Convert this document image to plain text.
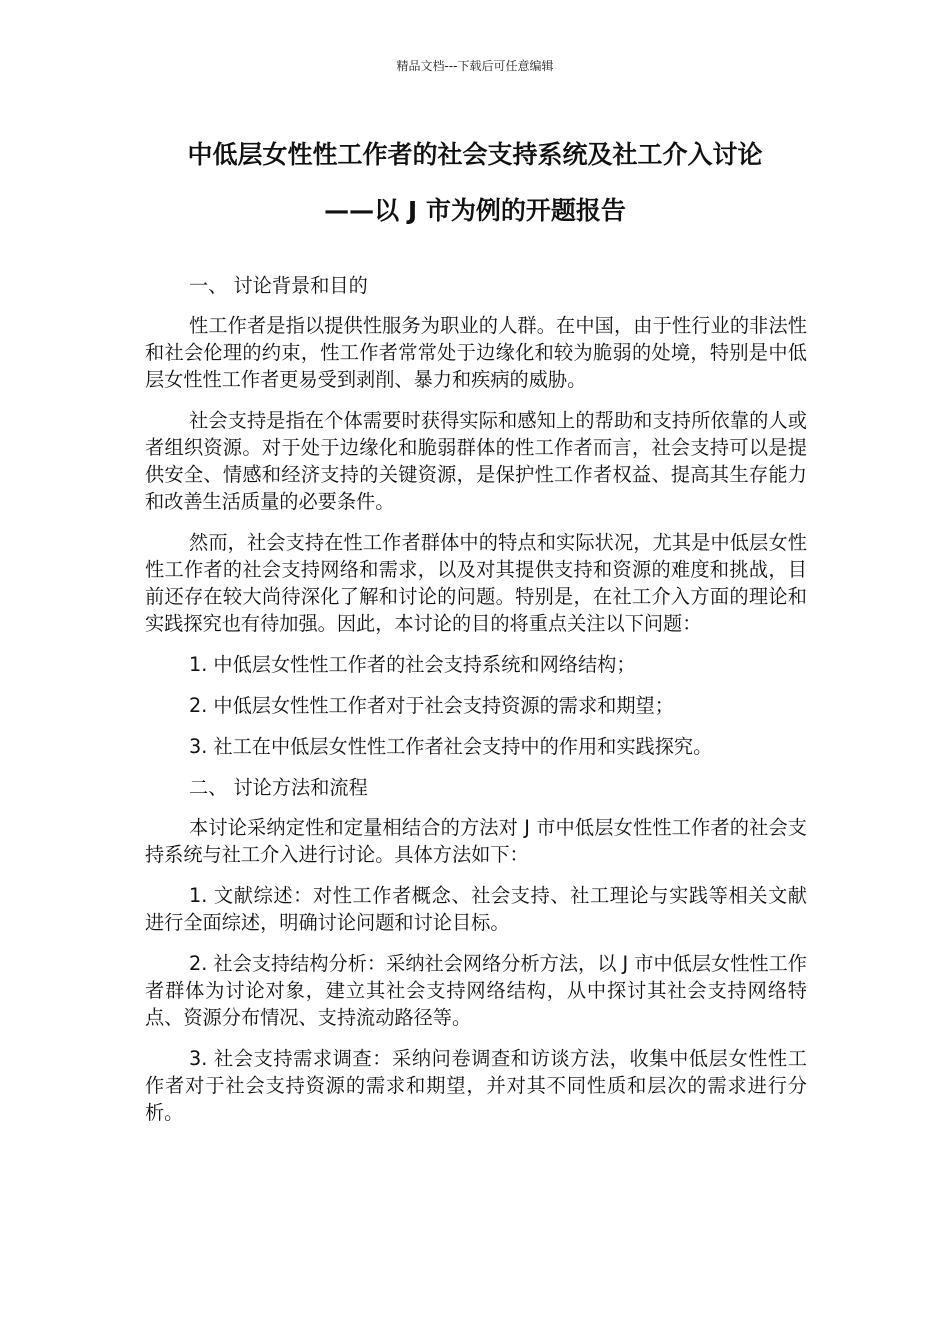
精品文档---下载后可任意编辑
中低层女性性工作者的社会支持系统及社工介入讨论
——以 J 市为例的开题报告

一、 讨论背景和目的

性工作者是指以提供性服务为职业的人群。在中国，由于性行业的非法性和社会伦理的约束，性工作者常常处于边缘化和较为脆弱的处境，特别是中低层女性性工作者更易受到剥削、暴力和疾病的威胁。

社会支持是指在个体需要时获得实际和感知上的帮助和支持所依靠的人或者组织资源。对于处于边缘化和脆弱群体的性工作者而言，社会支持可以是提供安全、情感和经济支持的关键资源，是保护性工作者权益、提高其生存能力和改善生活质量的必要条件。

然而，社会支持在性工作者群体中的特点和实际状况，尤其是中低层女性性工作者的社会支持网络和需求，以及对其提供支持和资源的难度和挑战，目前还存在较大尚待深化了解和讨论的问题。特别是，在社工介入方面的理论和实践探究也有待加强。因此，本讨论的目的将重点关注以下问题：

1. 中低层女性性工作者的社会支持系统和网络结构；

2. 中低层女性性工作者对于社会支持资源的需求和期望；

3. 社工在中低层女性性工作者社会支持中的作用和实践探究。

二、 讨论方法和流程

本讨论采纳定性和定量相结合的方法对 J 市中低层女性性工作者的社会支持系统与社工介入进行讨论。具体方法如下：

1. 文献综述：对性工作者概念、社会支持、社工理论与实践等相关文献进行全面综述，明确讨论问题和讨论目标。

2. 社会支持结构分析：采纳社会网络分析方法，以 J 市中低层女性性工作者群体为讨论对象，建立其社会支持网络结构，从中探讨其社会支持网络特点、资源分布情况、支持流动路径等。

3. 社会支持需求调查：采纳问卷调查和访谈方法，收集中低层女性性工作者对于社会支持资源的需求和期望，并对其不同性质和层次的需求进行分析。
